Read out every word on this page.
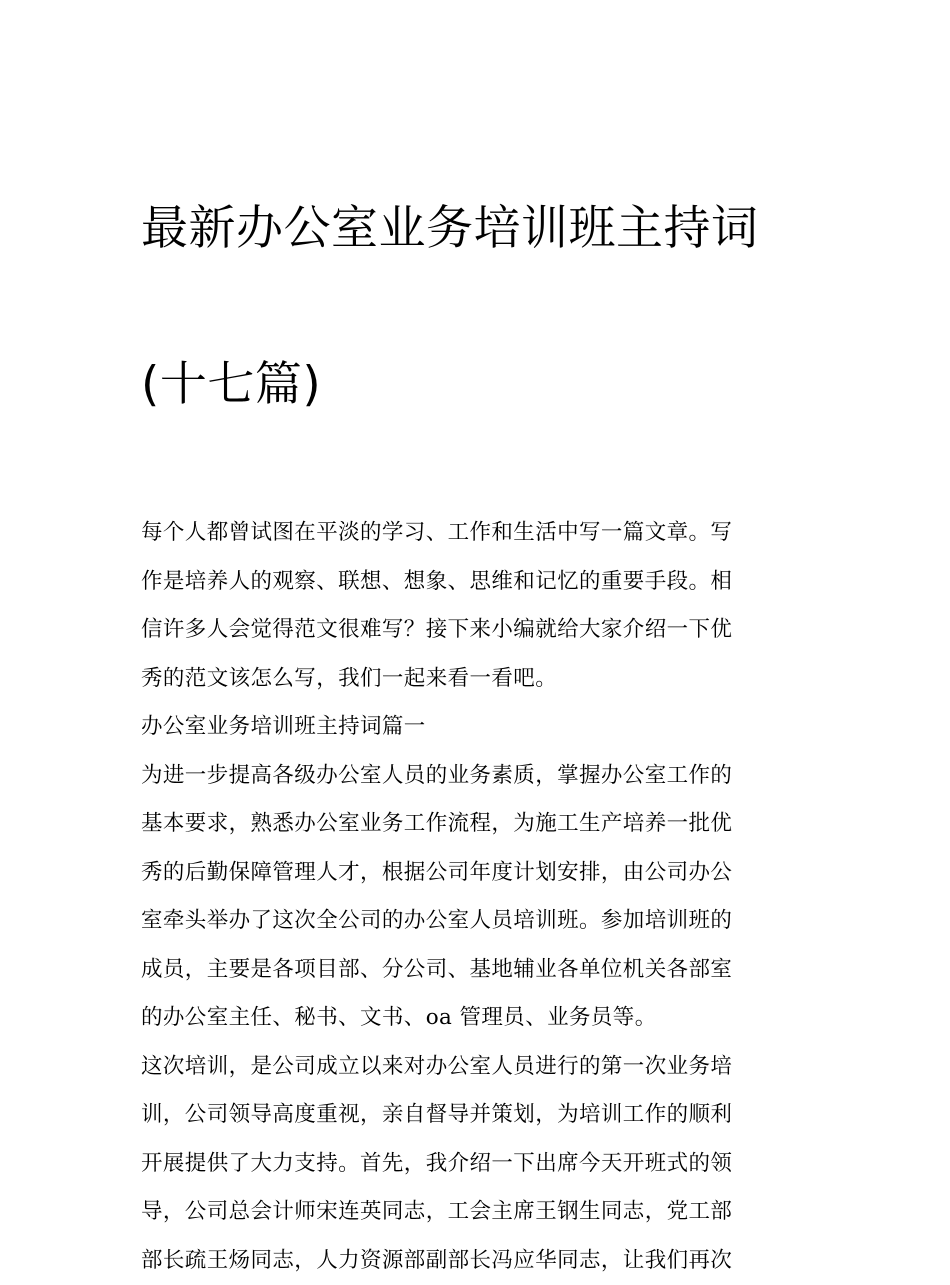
最新办公室业务培训班主持词

(十七篇)

每个人都曾试图在平淡的学习、工作和生活中写一篇文章。写
作是培养人的观察、联想、想象、思维和记忆的重要手段。相
信许多人会觉得范文很难写？接下来小编就给大家介绍一下优
秀的范文该怎么写，我们一起来看一看吧。

办公室业务培训班主持词篇一

为进一步提高各级办公室人员的业务素质，掌握办公室工作的
基本要求，熟悉办公室业务工作流程，为施工生产培养一批优
秀的后勤保障管理人才，根据公司年度计划安排，由公司办公
室牵头举办了这次全公司的办公室人员培训班。参加培训班的
成员，主要是各项目部、分公司、基地辅业各单位机关各部室
的办公室主任、秘书、文书、oa 管理员、业务员等。

这次培训，是公司成立以来对办公室人员进行的第一次业务培
训，公司领导高度重视，亲自督导并策划，为培训工作的顺利
开展提供了大力支持。首先，我介绍一下出席今天开班式的领
导，公司总会计师宋连英同志，工会主席王钢生同志，党工部
部长疏王炀同志，人力资源部副部长冯应华同志，让我们再次
